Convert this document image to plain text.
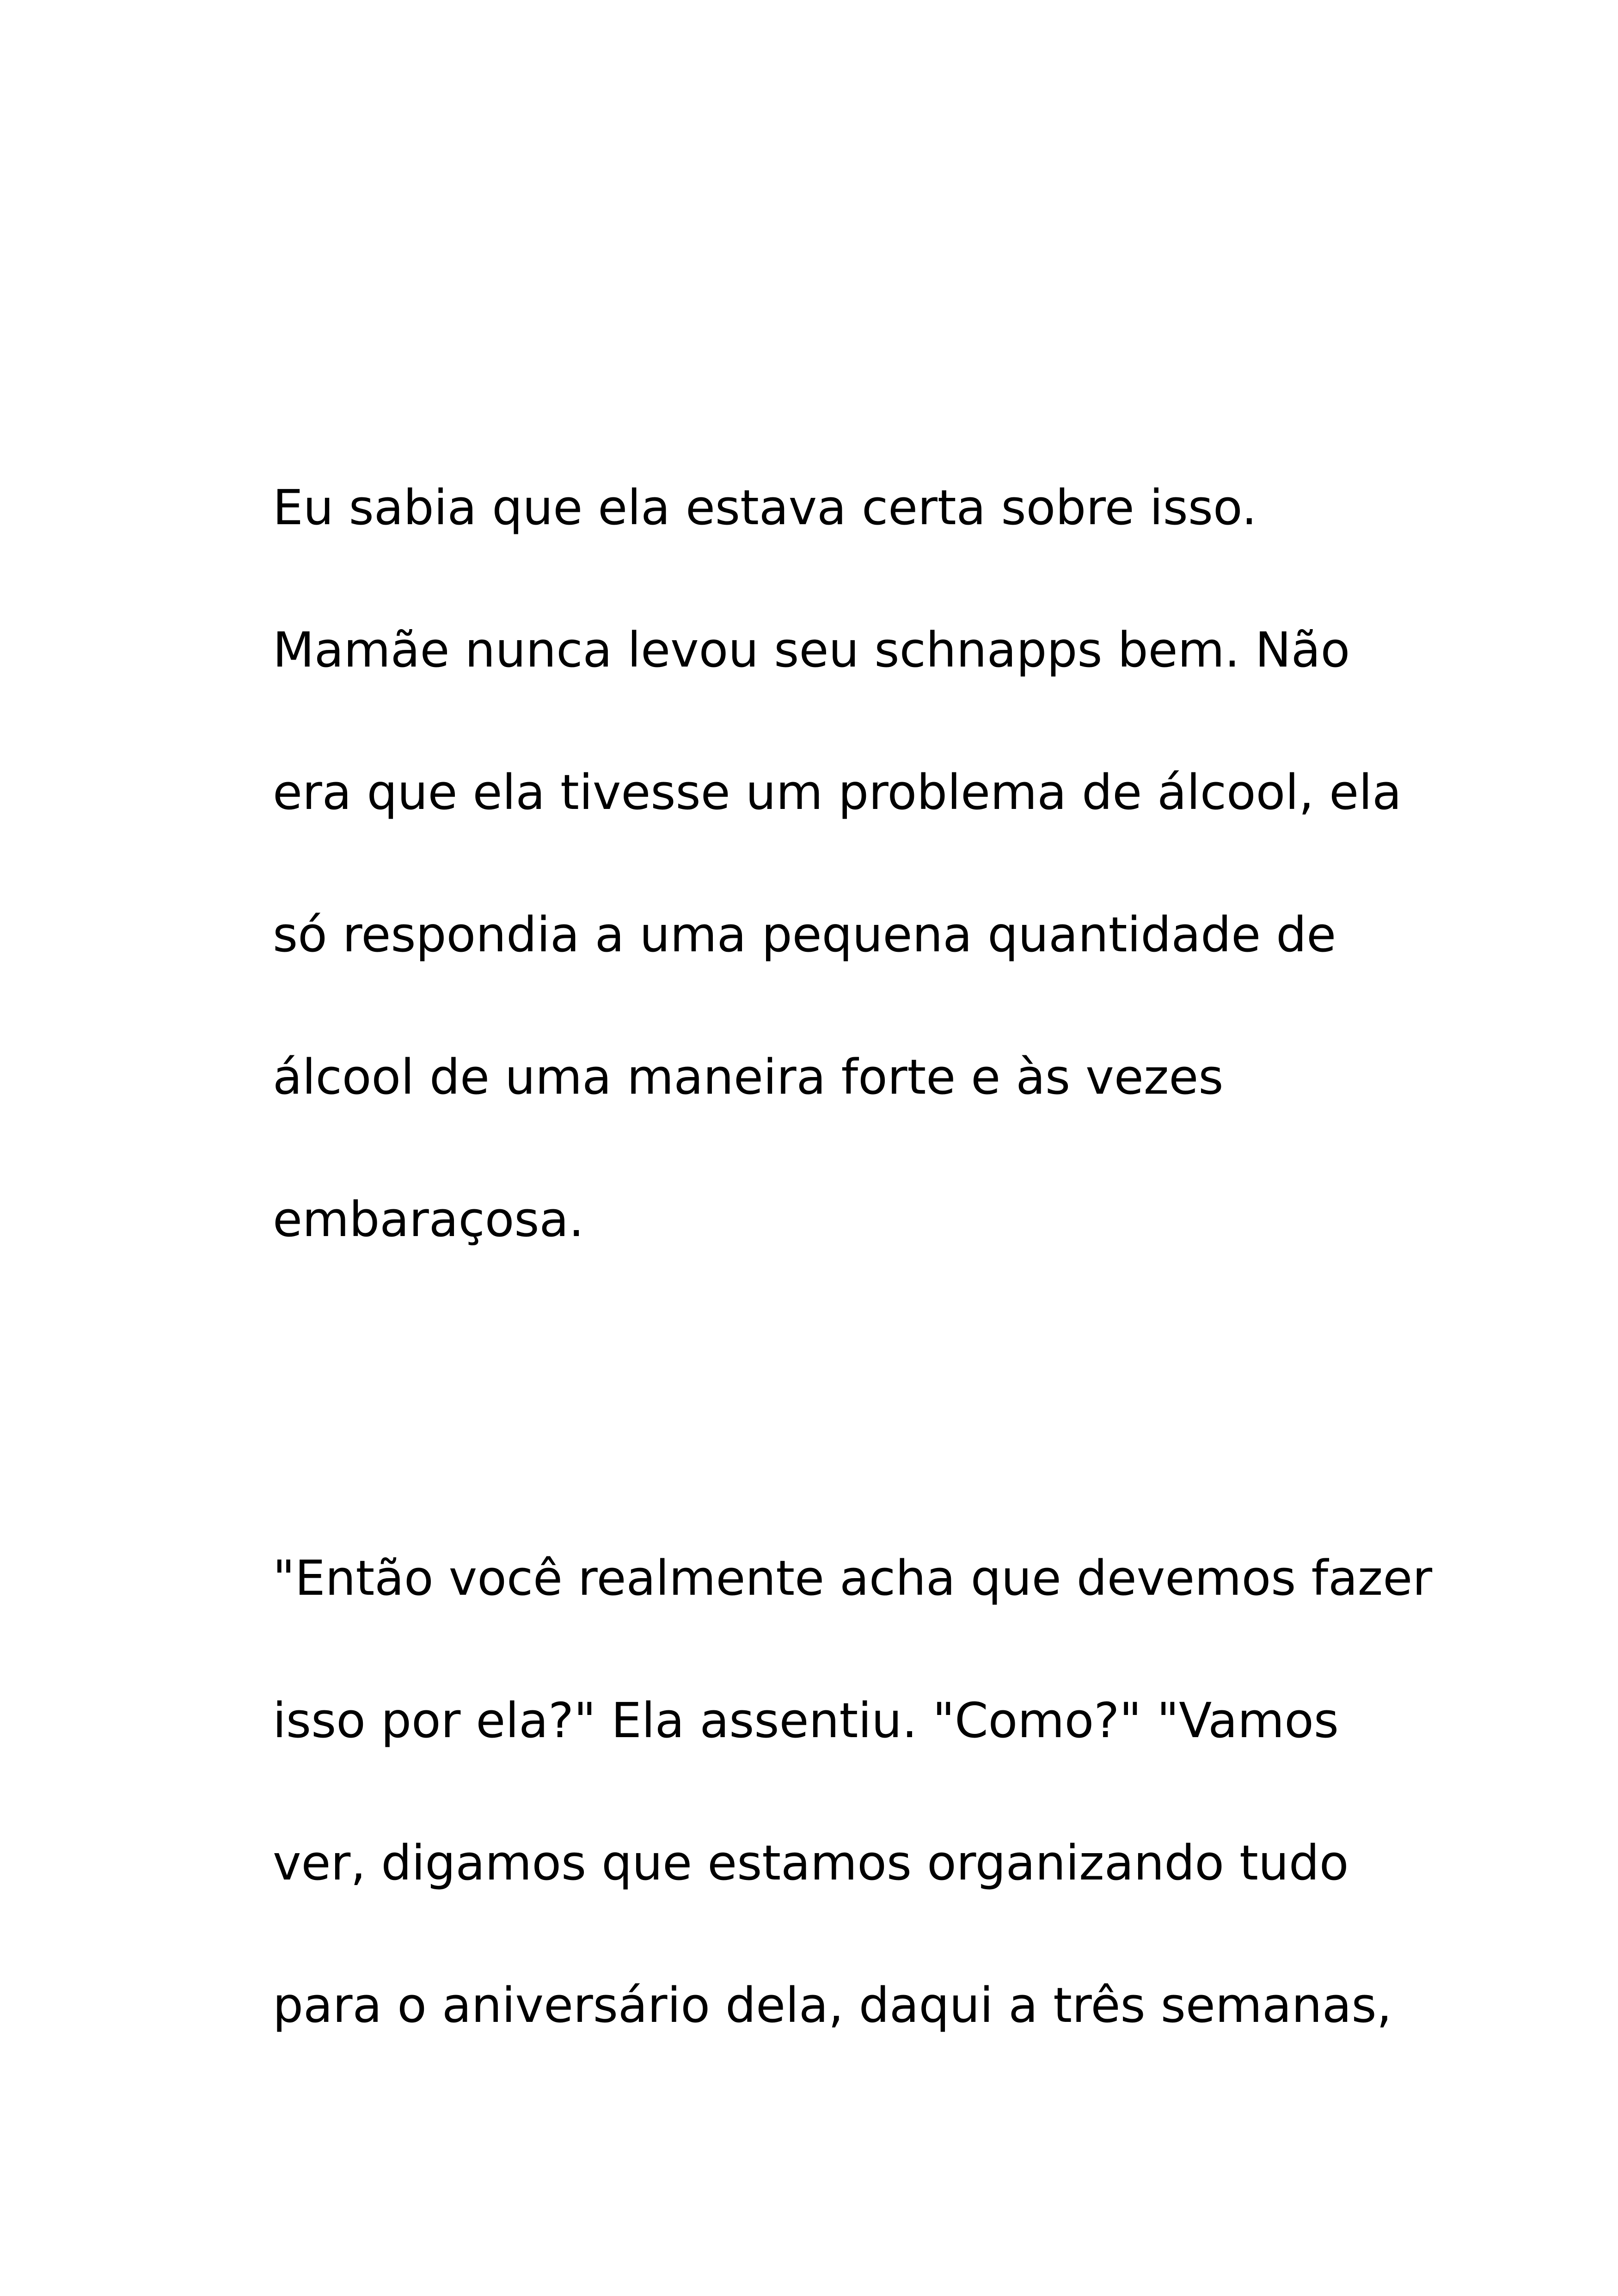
Eu sabia que ela estava certa sobre isso.
Mamãe nunca levou seu schnapps bem. Não
era que ela tivesse um problema de álcool, ela
só respondia a uma pequena quantidade de
álcool de uma maneira forte e às vezes
embaraçosa.
"Então você realmente acha que devemos fazer
isso por ela?" Ela assentiu. "Como?" "Vamos
ver, digamos que estamos organizando tudo
para o aniversário dela, daqui a três semanas,
